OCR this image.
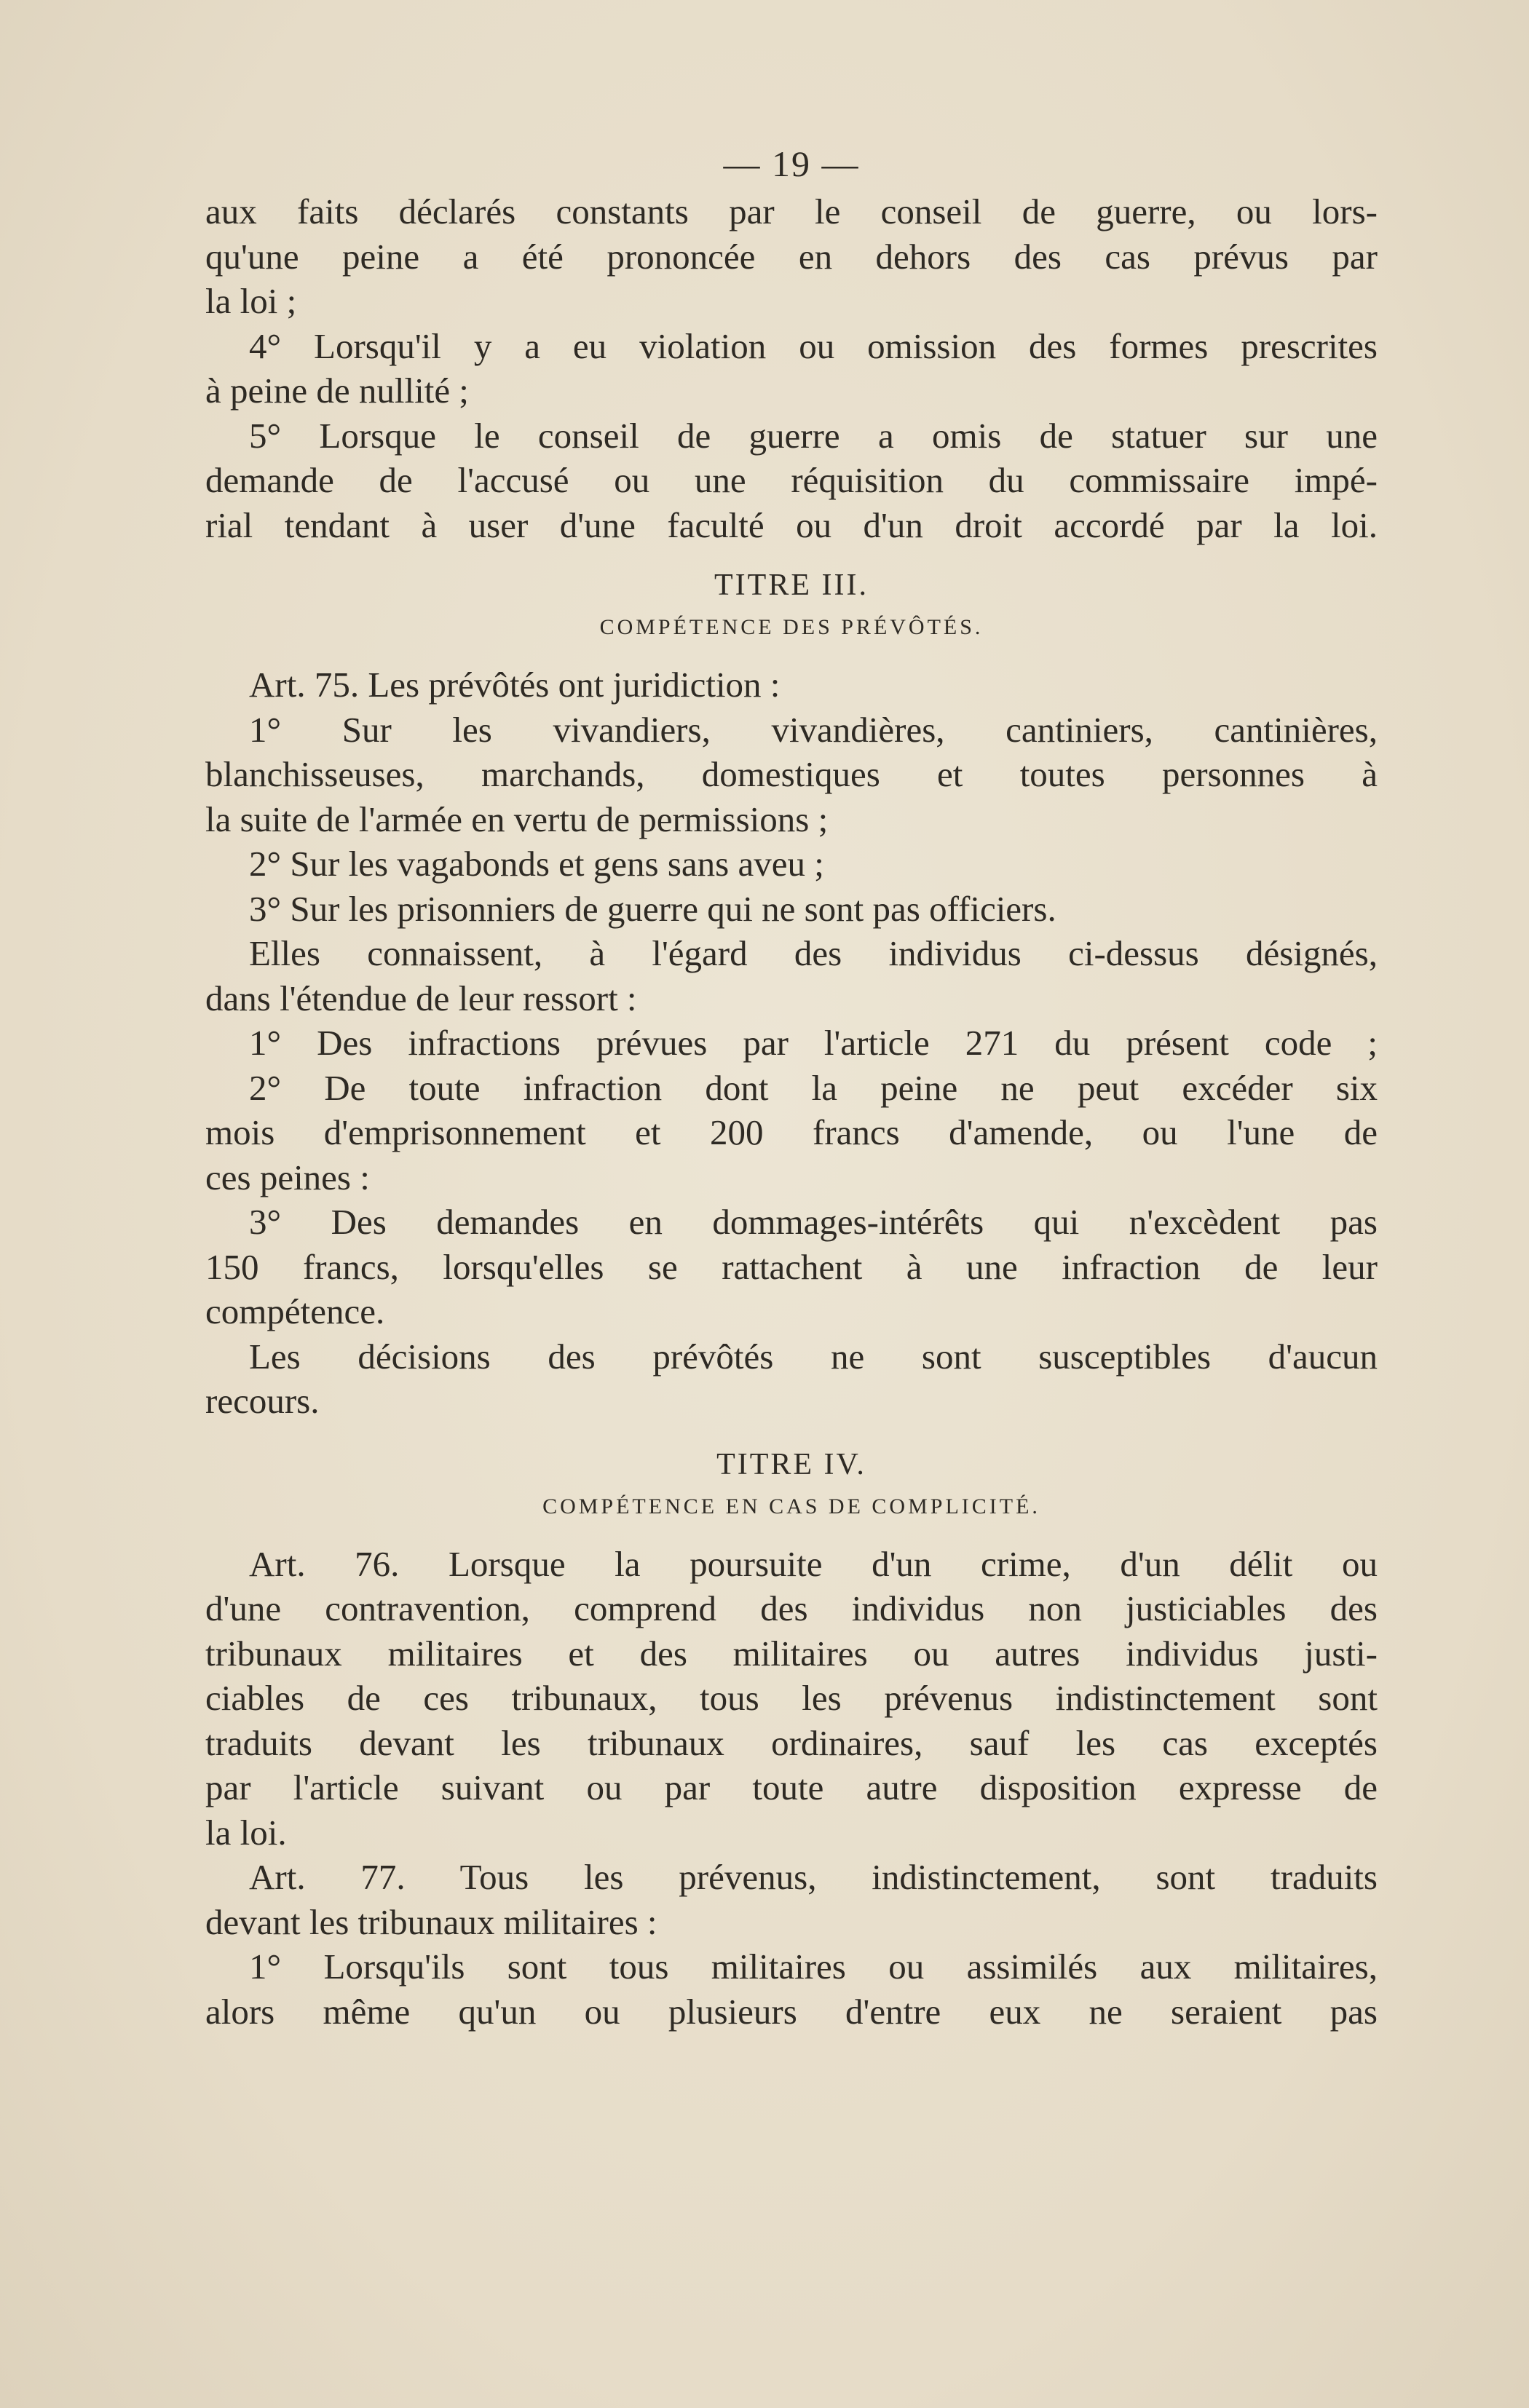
— 19 —
aux faits déclarés constants par le conseil de guerre, ou lors-
qu'une peine a été prononcée en dehors des cas prévus par
la loi ;
4° Lorsqu'il y a eu violation ou omission des formes prescrites
à peine de nullité ;
5° Lorsque le conseil de guerre a omis de statuer sur une
demande de l'accusé ou une réquisition du commissaire impé-
rial tendant à user d'une faculté ou d'un droit accordé par la loi.
TITRE III.
COMPÉTENCE DES PRÉVÔTÉS.
Art. 75. Les prévôtés ont juridiction :
1° Sur les vivandiers, vivandières, cantiniers, cantinières,
blanchisseuses, marchands, domestiques et toutes personnes à
la suite de l'armée en vertu de permissions ;
2° Sur les vagabonds et gens sans aveu ;
3° Sur les prisonniers de guerre qui ne sont pas officiers.
Elles connaissent, à l'égard des individus ci-dessus désignés,
dans l'étendue de leur ressort :
1° Des infractions prévues par l'article 271 du présent code ;
2° De toute infraction dont la peine ne peut excéder six
mois d'emprisonnement et 200 francs d'amende, ou l'une de
ces peines :
3° Des demandes en dommages-intérêts qui n'excèdent pas
150 francs, lorsqu'elles se rattachent à une infraction de leur
compétence.
Les décisions des prévôtés ne sont susceptibles d'aucun
recours.
TITRE IV.
COMPÉTENCE EN CAS DE COMPLICITÉ.
Art. 76. Lorsque la poursuite d'un crime, d'un délit ou
d'une contravention, comprend des individus non justiciables des
tribunaux militaires et des militaires ou autres individus justi-
ciables de ces tribunaux, tous les prévenus indistinctement sont
traduits devant les tribunaux ordinaires, sauf les cas exceptés
par l'article suivant ou par toute autre disposition expresse de
la loi.
Art. 77. Tous les prévenus, indistinctement, sont traduits
devant les tribunaux militaires :
1° Lorsqu'ils sont tous militaires ou assimilés aux militaires,
alors même qu'un ou plusieurs d'entre eux ne seraient pas
